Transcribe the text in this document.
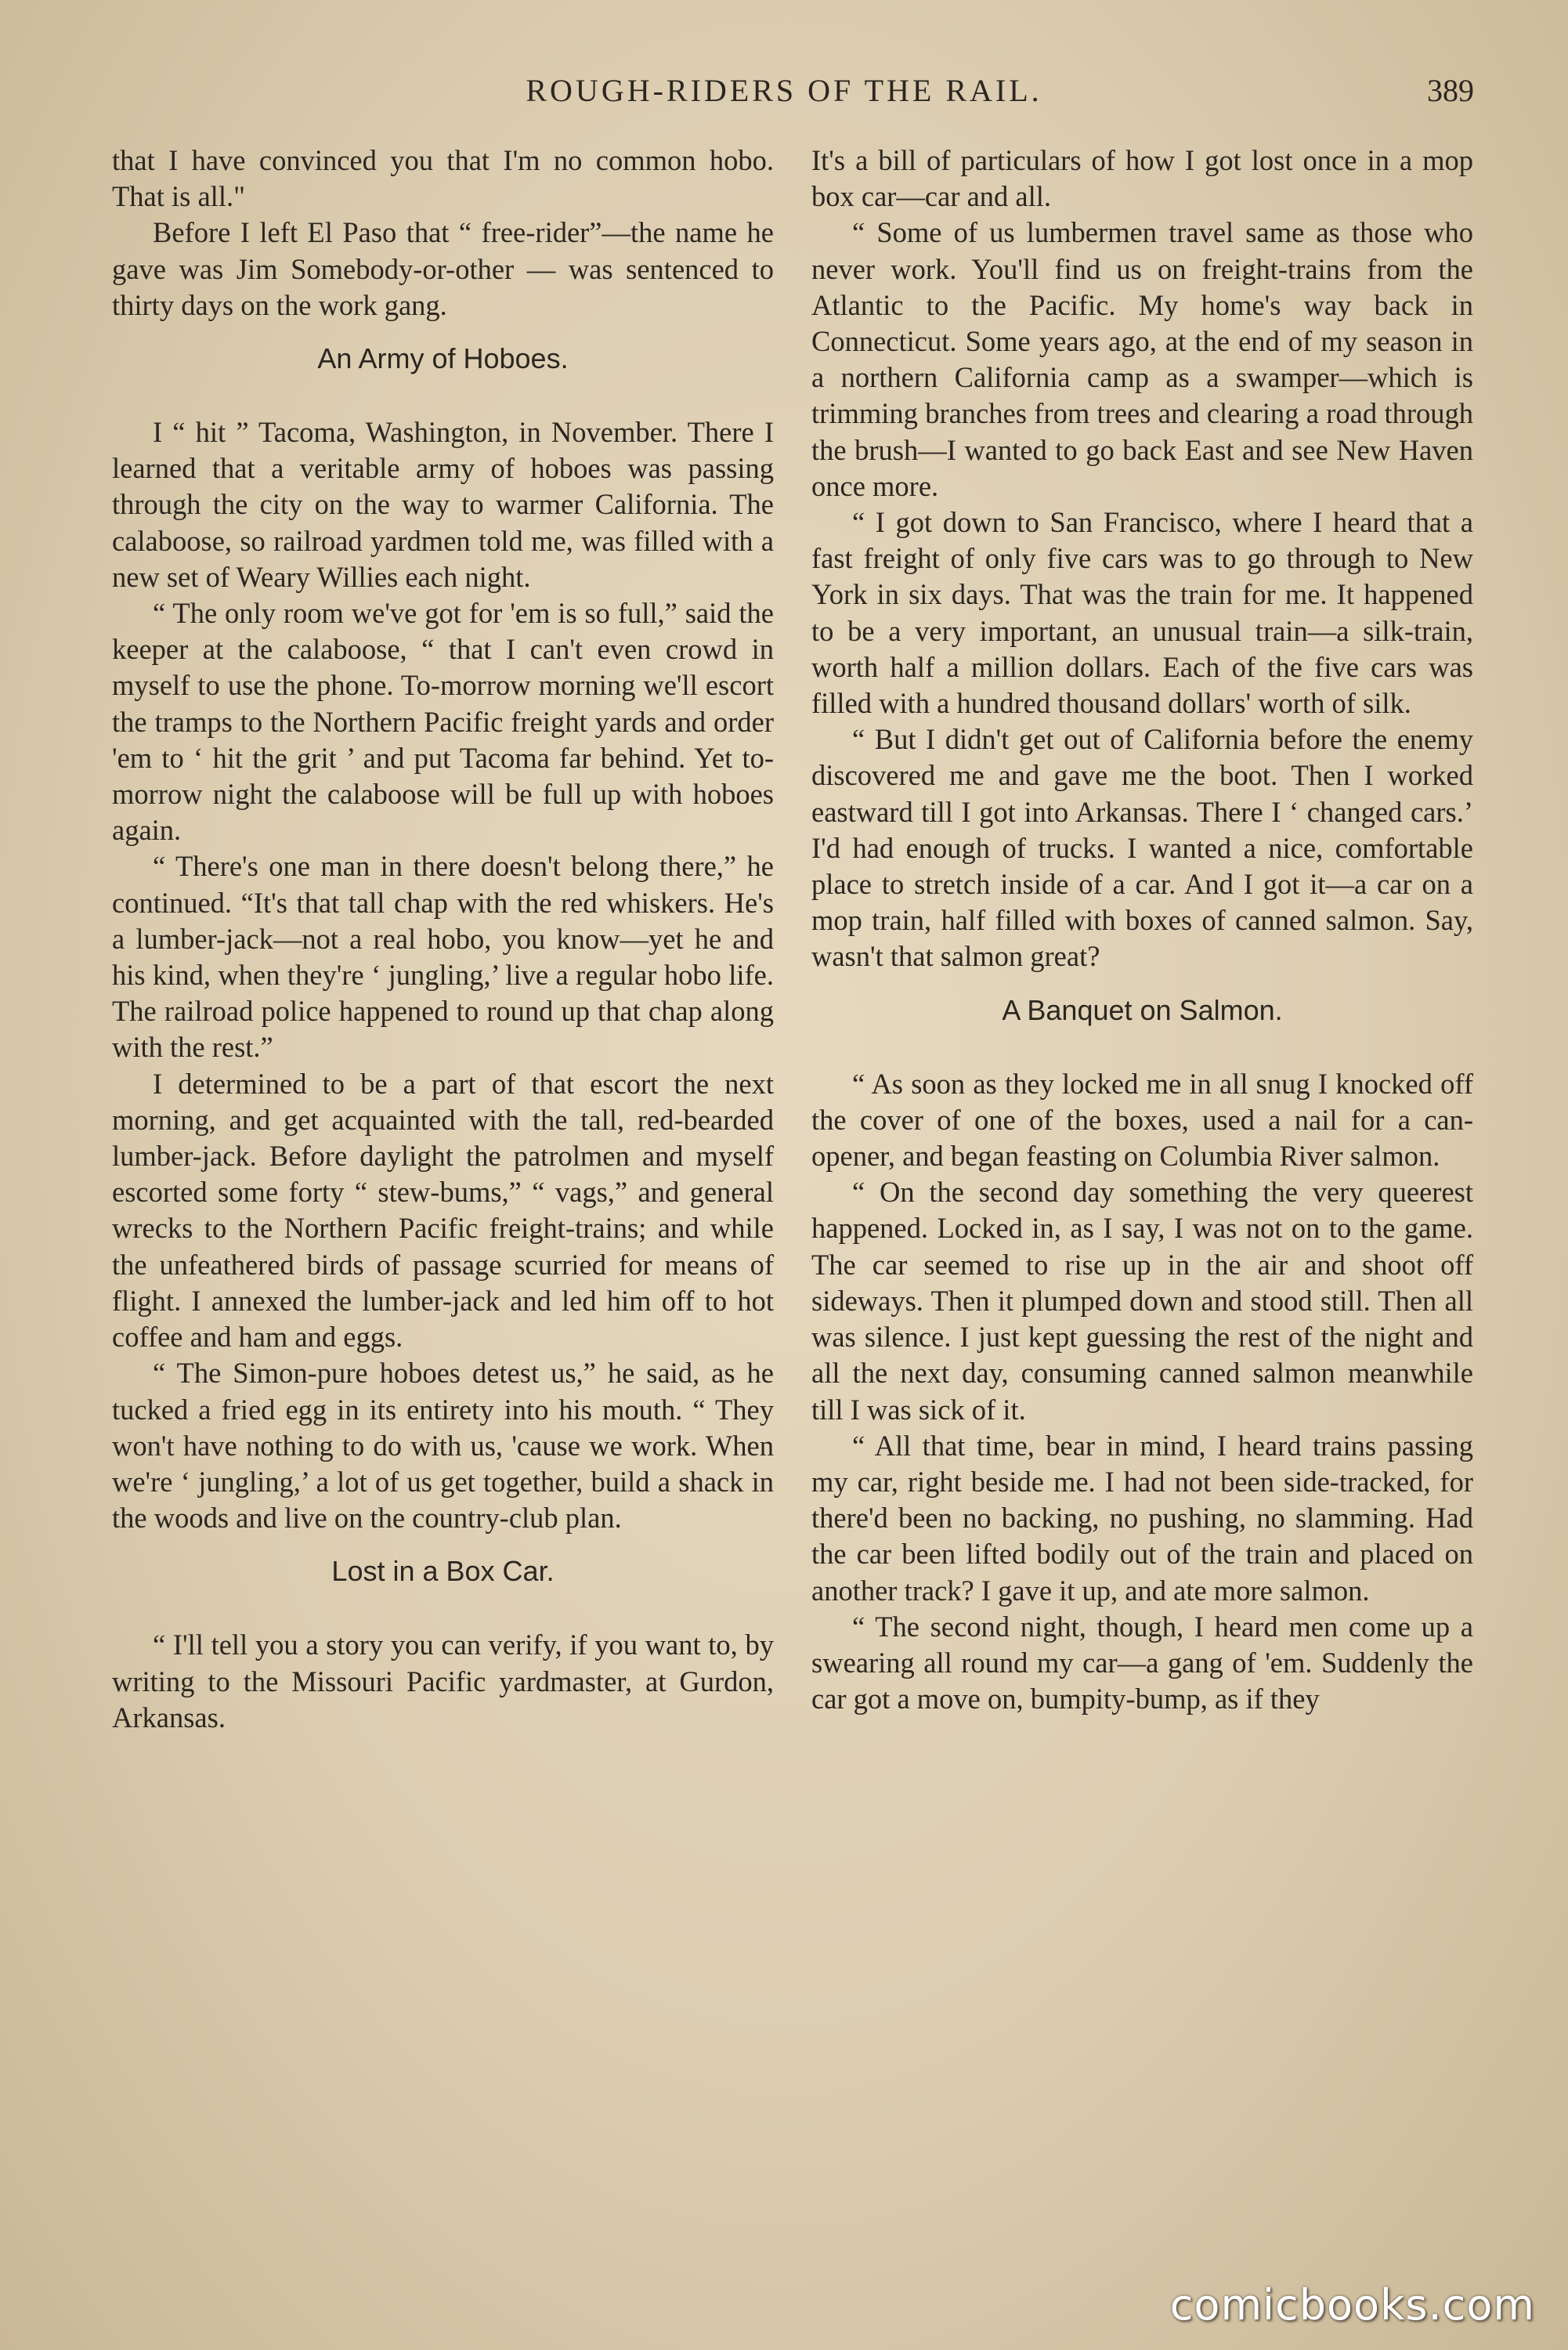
ROUGH-RIDERS OF THE RAIL.	389

that I have convinced you that I'm no common hobo. That is all."

Before I left El Paso that “ free-rider”—the name he gave was Jim Somebody-or-other — was sentenced to thirty days on the work gang.

An Army of Hoboes.

I “ hit ” Tacoma, Washington, in November. There I learned that a veritable army of hoboes was passing through the city on the way to warmer California. The calaboose, so railroad yardmen told me, was filled with a new set of Weary Willies each night.

“ The only room we've got for 'em is so full,” said the keeper at the calaboose, “ that I can't even crowd in myself to use the phone. To-morrow morning we'll escort the tramps to the Northern Pacific freight yards and order 'em to ‘ hit the grit ’ and put Tacoma far behind. Yet to-morrow night the calaboose will be full up with hoboes again.

“ There's one man in there doesn't belong there,” he continued. “It's that tall chap with the red whiskers. He's a lumber-jack—not a real hobo, you know—yet he and his kind, when they're ‘ jungling,’ live a regular hobo life. The railroad police happened to round up that chap along with the rest.”

I determined to be a part of that escort the next morning, and get acquainted with the tall, red-bearded lumber-jack. Before daylight the patrolmen and myself escorted some forty “ stew-bums,” “ vags,” and general wrecks to the Northern Pacific freight-trains; and while the unfeathered birds of passage scurried for means of flight. I annexed the lumber-jack and led him off to hot coffee and ham and eggs.

“ The Simon-pure hoboes detest us,” he said, as he tucked a fried egg in its entirety into his mouth. “ They won't have nothing to do with us, 'cause we work. When we're ‘ jungling,’ a lot of us get together, build a shack in the woods and live on the country-club plan.

Lost in a Box Car.

“ I'll tell you a story you can verify, if you want to, by writing to the Missouri Pacific yardmaster, at Gurdon, Arkansas.

It's a bill of particulars of how I got lost once in a mop box car—car and all.

“ Some of us lumbermen travel same as those who never work. You'll find us on freight-trains from the Atlantic to the Pacific. My home's way back in Connecticut. Some years ago, at the end of my season in a northern California camp as a swamper—which is trimming branches from trees and clearing a road through the brush—I wanted to go back East and see New Haven once more.

“ I got down to San Francisco, where I heard that a fast freight of only five cars was to go through to New York in six days. That was the train for me. It happened to be a very important, an unusual train—a silk-train, worth half a million dollars. Each of the five cars was filled with a hundred thousand dollars' worth of silk.

“ But I didn't get out of California before the enemy discovered me and gave me the boot. Then I worked eastward till I got into Arkansas. There I ‘ changed cars.’ I'd had enough of trucks. I wanted a nice, comfortable place to stretch inside of a car. And I got it—a car on a mop train, half filled with boxes of canned salmon. Say, wasn't that salmon great?

A Banquet on Salmon.

“ As soon as they locked me in all snug I knocked off the cover of one of the boxes, used a nail for a can-opener, and began feasting on Columbia River salmon.

“ On the second day something the very queerest happened. Locked in, as I say, I was not on to the game. The car seemed to rise up in the air and shoot off sideways. Then it plumped down and stood still. Then all was silence. I just kept guessing the rest of the night and all the next day, consuming canned salmon meanwhile till I was sick of it.

“ All that time, bear in mind, I heard trains passing my car, right beside me. I had not been side-tracked, for there'd been no backing, no pushing, no slamming. Had the car been lifted bodily out of the train and placed on another track? I gave it up, and ate more salmon.

“ The second night, though, I heard men come up a swearing all round my car—a gang of 'em. Suddenly the car got a move on, bumpity-bump, as if they

comicbooks.com
